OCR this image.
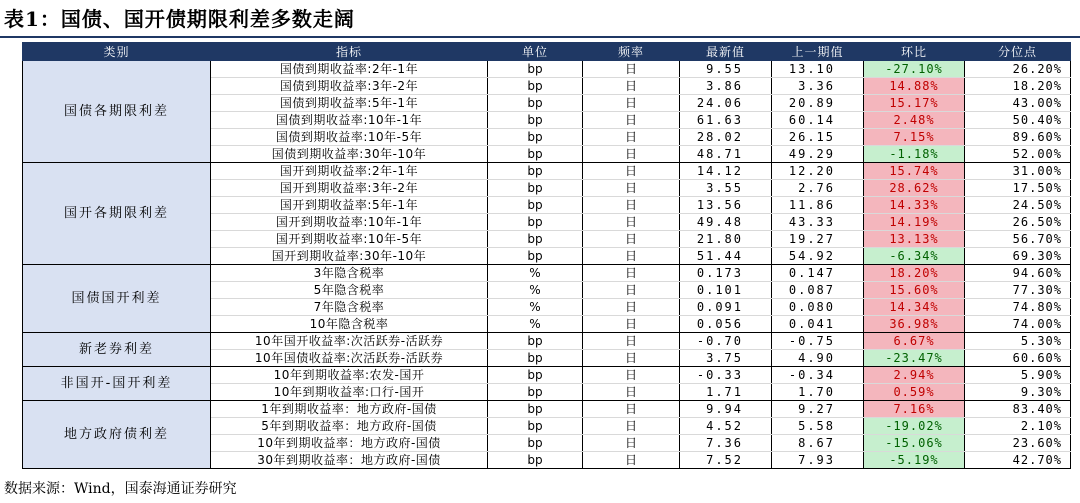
表1：国债、国开债期限利差多数走阔
类别	指标	单位	频率	最新值	上一期值	环比	分位点
国债各期限利差	国债到期收益率:2年-1年	bp	日	9.55	13.10	-27.10%	26.20%
	国债到期收益率:3年-2年	bp	日	3.86	3.36	14.88%	18.20%
	国债到期收益率:5年-1年	bp	日	24.06	20.89	15.17%	43.00%
	国债到期收益率:10年-1年	bp	日	61.63	60.14	2.48%	50.40%
	国债到期收益率:10年-5年	bp	日	28.02	26.15	7.15%	89.60%
	国债到期收益率:30年-10年	bp	日	48.71	49.29	-1.18%	52.00%
国开各期限利差	国开到期收益率:2年-1年	bp	日	14.12	12.20	15.74%	31.00%
	国开到期收益率:3年-2年	bp	日	3.55	2.76	28.62%	17.50%
	国开到期收益率:5年-1年	bp	日	13.56	11.86	14.33%	24.50%
	国开到期收益率:10年-1年	bp	日	49.48	43.33	14.19%	26.50%
	国开到期收益率:10年-5年	bp	日	21.80	19.27	13.13%	56.70%
	国开到期收益率:30年-10年	bp	日	51.44	54.92	-6.34%	69.30%
国债国开利差	3年隐含税率	%	日	0.173	0.147	18.20%	94.60%
	5年隐含税率	%	日	0.101	0.087	15.60%	77.30%
	7年隐含税率	%	日	0.091	0.080	14.34%	74.80%
	10年隐含税率	%	日	0.056	0.041	36.98%	74.00%
新老券利差	10年国开收益率:次活跃券-活跃券	bp	日	-0.70	-0.75	6.67%	5.30%
	10年国债收益率:次活跃券-活跃券	bp	日	3.75	4.90	-23.47%	60.60%
非国开-国开利差	10年到期收益率:农发-国开	bp	日	-0.33	-0.34	2.94%	5.90%
	10年到期收益率:口行-国开	bp	日	1.71	1.70	0.59%	9.30%
地方政府债利差	1年到期收益率：地方政府-国债	bp	日	9.94	9.27	7.16%	83.40%
	5年到期收益率：地方政府-国债	bp	日	4.52	5.58	-19.02%	2.10%
	10年到期收益率：地方政府-国债	bp	日	7.36	8.67	-15.06%	23.60%
	30年到期收益率：地方政府-国债	bp	日	7.52	7.93	-5.19%	42.70%
数据来源：Wind，国泰海通证券研究
